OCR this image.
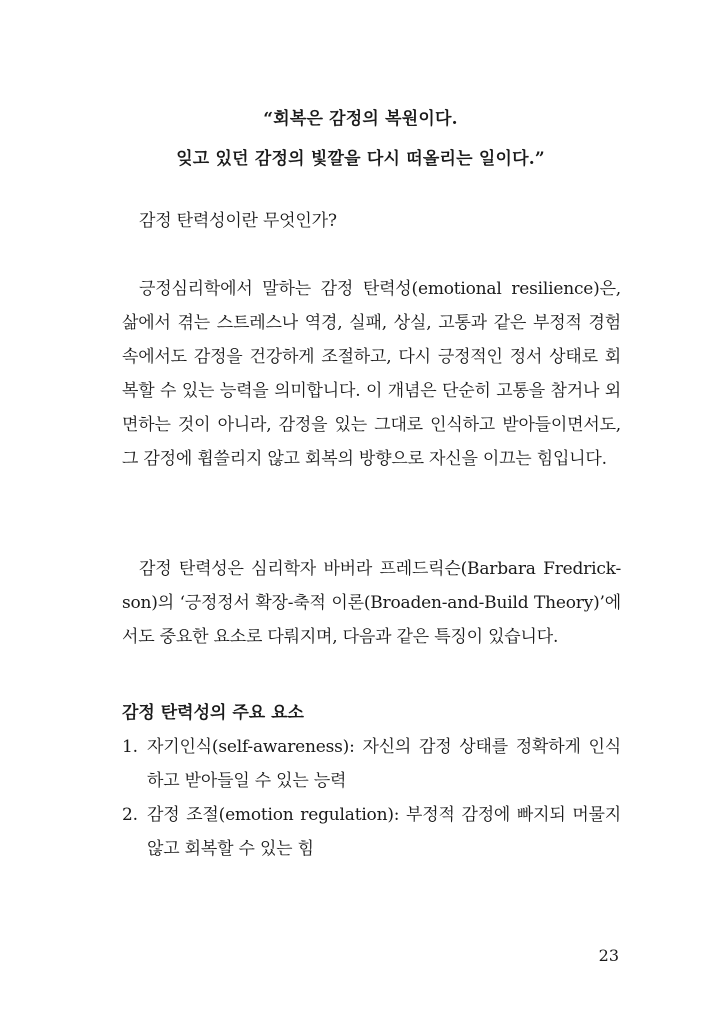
“회복은 감정의 복원이다.
잊고 있던 감정의 빛깔을 다시 떠올리는 일이다.”

감정 탄력성이란 무엇인가?

긍정심리학에서 말하는 감정 탄력성(emotional resilience)은, 삶에서 겪는 스트레스나 역경, 실패, 상실, 고통과 같은 부정적 경험 속에서도 감정을 건강하게 조절하고, 다시 긍정적인 정서 상태로 회복할 수 있는 능력을 의미합니다. 이 개념은 단순히 고통을 참거나 외면하는 것이 아니라, 감정을 있는 그대로 인식하고 받아들이면서도, 그 감정에 휩쓸리지 않고 회복의 방향으로 자신을 이끄는 힘입니다.

감정 탄력성은 심리학자 바버라 프레드릭슨(Barbara Fredrick-son)의 ‘긍정정서 확장-축적 이론(Broaden-and-Build Theory)’에서도 중요한 요소로 다뤄지며, 다음과 같은 특징이 있습니다.

감정 탄력성의 주요 요소

1. 자기인식(self-awareness): 자신의 감정 상태를 정확하게 인식하고 받아들일 수 있는 능력
2. 감정 조절(emotion regulation): 부정적 감정에 빠지되 머물지 않고 회복할 수 있는 힘
23
